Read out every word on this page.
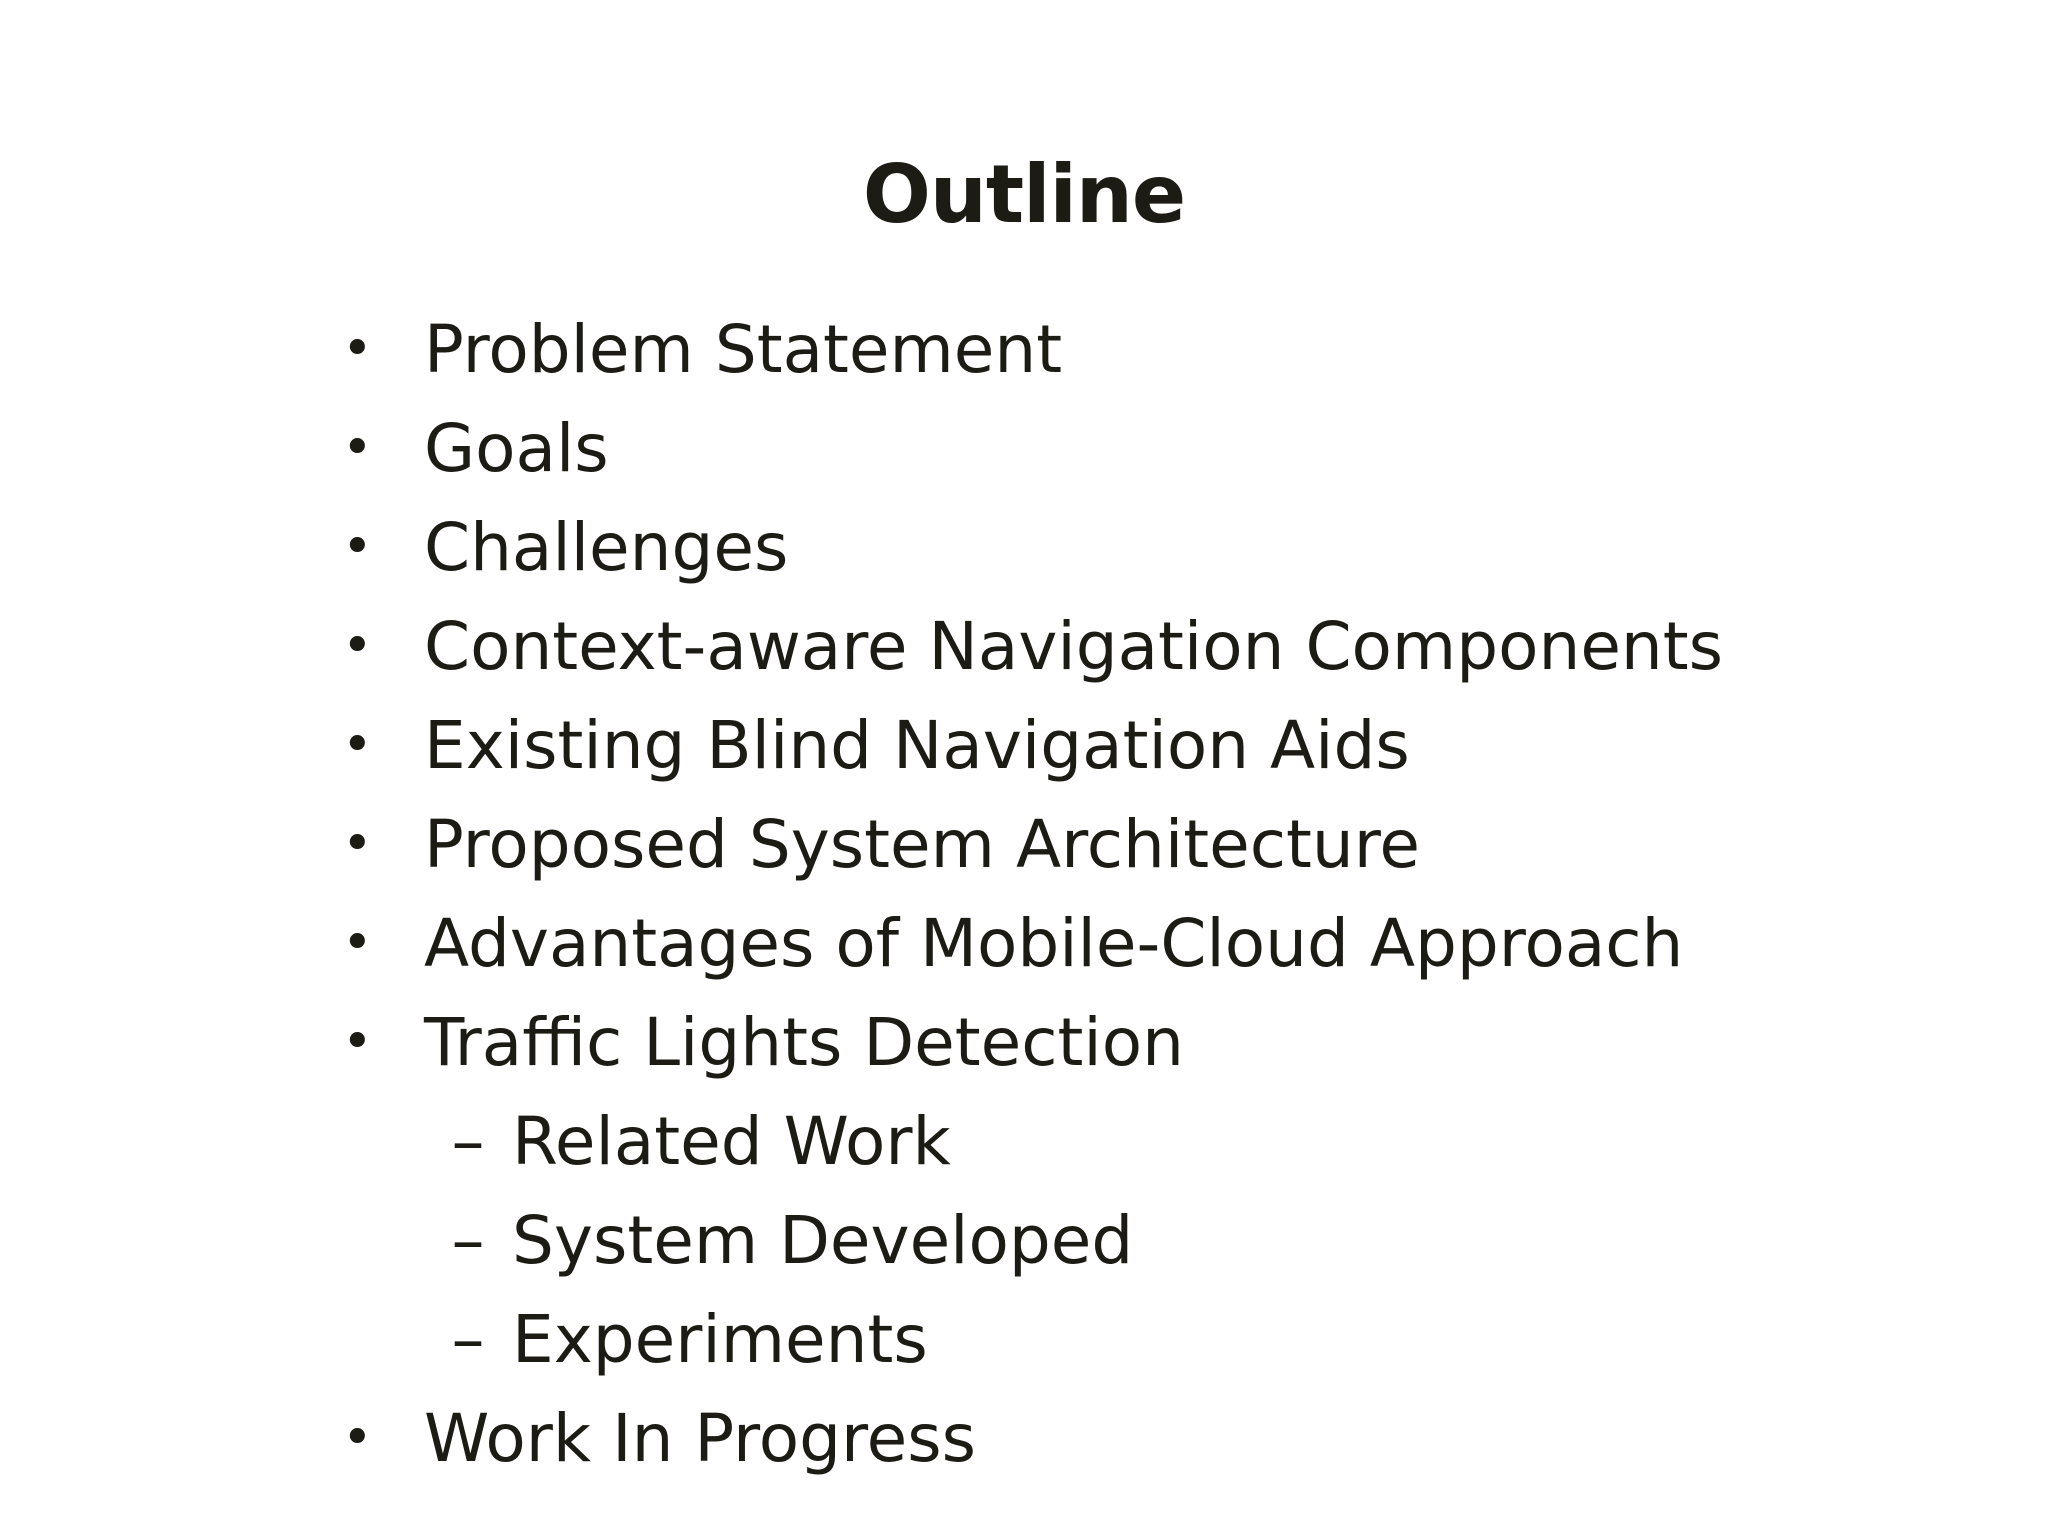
Outline
• Problem Statement
• Goals
• Challenges
• Context-aware Navigation Components
• Existing Blind Navigation Aids
• Proposed System Architecture
• Advantages of Mobile-Cloud Approach
• Traffic Lights Detection
– Related Work
– System Developed
– Experiments
• Work In Progress
